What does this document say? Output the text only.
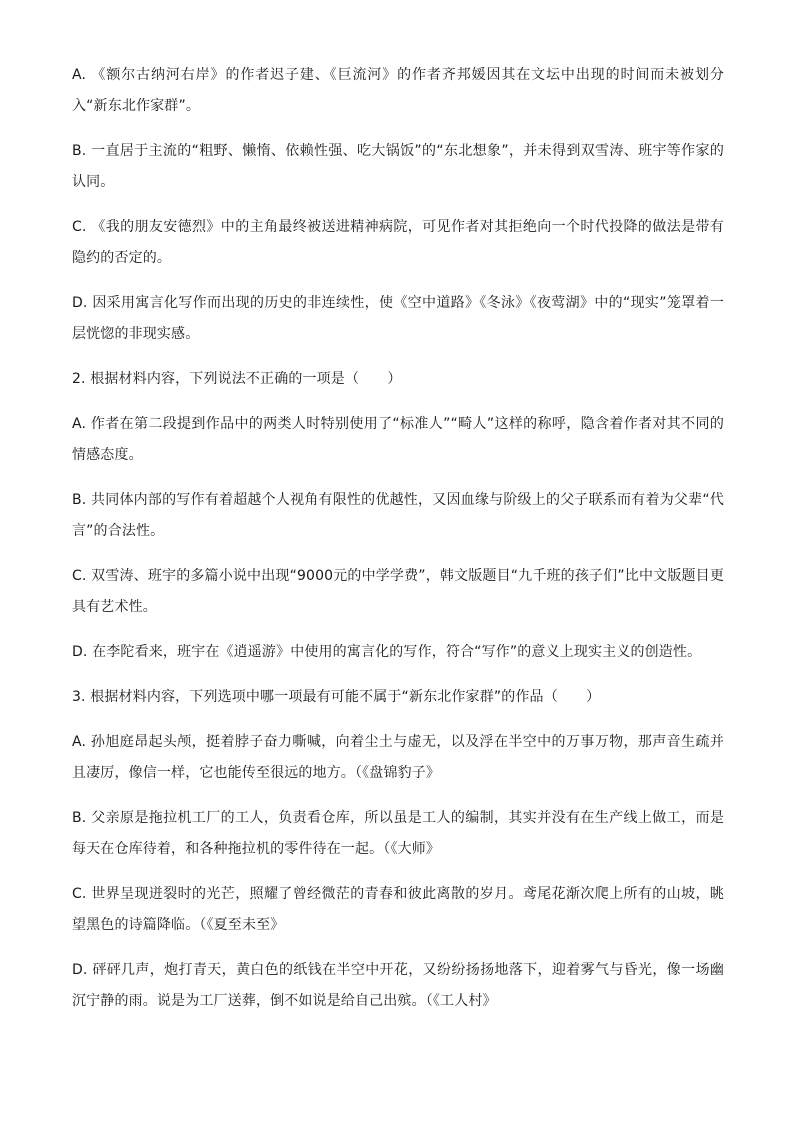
A. 《额尔古纳河右岸》的作者迟子建、《巨流河》的作者齐邦媛因其在文坛中出现的时间而未被划分入“新东北作家群”。

B. 一直居于主流的“粗野、懒惰、依赖性强、吃大锅饭”的“东北想象”，并未得到双雪涛、班宇等作家的认同。

C. 《我的朋友安德烈》中的主角最终被送进精神病院，可见作者对其拒绝向一个时代投降的做法是带有隐约的否定的。

D. 因采用寓言化写作而出现的历史的非连续性，使《空中道路》《冬泳》《夜莺湖》中的“现实”笼罩着一层恍惚的非现实感。

2. 根据材料内容，下列说法不正确的一项是（　　）

A. 作者在第二段提到作品中的两类人时特别使用了“标准人”“畸人”这样的称呼，隐含着作者对其不同的情感态度。

B. 共同体内部的写作有着超越个人视角有限性的优越性，又因血缘与阶级上的父子联系而有着为父辈“代言”的合法性。

C. 双雪涛、班宇的多篇小说中出现“9000元的中学学费”，韩文版题目“九千班的孩子们”比中文版题目更具有艺术性。

D. 在李陀看来，班宇在《逍遥游》中使用的寓言化的写作，符合“写作”的意义上现实主义的创造性。

3. 根据材料内容，下列选项中哪一项最有可能不属于“新东北作家群”的作品（　　）

A. 孙旭庭昂起头颅，挺着脖子奋力嘶喊，向着尘土与虚无，以及浮在半空中的万事万物，那声音生疏并且凄厉，像信一样，它也能传至很远的地方。（《盘锦豹子》

B. 父亲原是拖拉机工厂的工人，负责看仓库，所以虽是工人的编制，其实并没有在生产线上做工，而是每天在仓库待着，和各种拖拉机的零件待在一起。（《大师》

C. 世界呈现迸裂时的光芒，照耀了曾经微茫的青春和彼此离散的岁月。鸢尾花渐次爬上所有的山坡，眺望黑色的诗篇降临。（《夏至未至》

D. 砰砰几声，炮打青天，黄白色的纸钱在半空中开花，又纷纷扬扬地落下，迎着雾气与昏光，像一场幽沉宁静的雨。说是为工厂送葬，倒不如说是给自己出殡。（《工人村》
